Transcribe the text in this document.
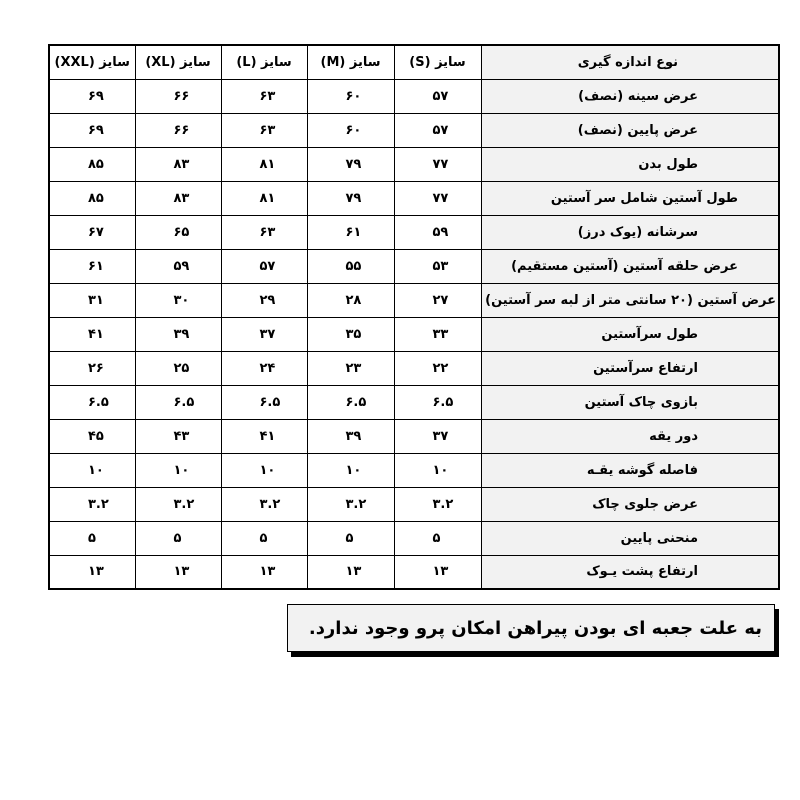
نوع اندازه گیری	سایز (S)	سایز (M)	سایز (L)	سایز (XL)	سایز (XXL)
عرض سینه (نصف)	۵۷	۶۰	۶۳	۶۶	۶۹
عرض پایین (نصف)	۵۷	۶۰	۶۳	۶۶	۶۹
طول بدن	۷۷	۷۹	۸۱	۸۳	۸۵
طول آستین شامل سر آستین	۷۷	۷۹	۸۱	۸۳	۸۵
سرشانه (یوک درز)	۵۹	۶۱	۶۳	۶۵	۶۷
عرض حلقه آستین (آستین مستقیم)	۵۳	۵۵	۵۷	۵۹	۶۱
عرض آستین (۲۰ سانتی متر از لبه سر آستین)	۲۷	۲۸	۲۹	۳۰	۳۱
طول سرآستین	۳۳	۳۵	۳۷	۳۹	۴۱
ارتفاع سرآستین	۲۲	۲۳	۲۴	۲۵	۲۶
بازوی چاک آستین	۶.۵	۶.۵	۶.۵	۶.۵	۶.۵
دور یقه	۳۷	۳۹	۴۱	۴۳	۴۵
فاصله گوشه یقـه	۱۰	۱۰	۱۰	۱۰	۱۰
عرض جلوی چاک	۳.۲	۳.۲	۳.۲	۳.۲	۳.۲
منحنی پایین	۵	۵	۵	۵	۵
ارتفاع پشت یـوک	۱۳	۱۳	۱۳	۱۳	۱۳
به علت جعبه ای بودن پیراهن امکان پرو وجود ندارد.
